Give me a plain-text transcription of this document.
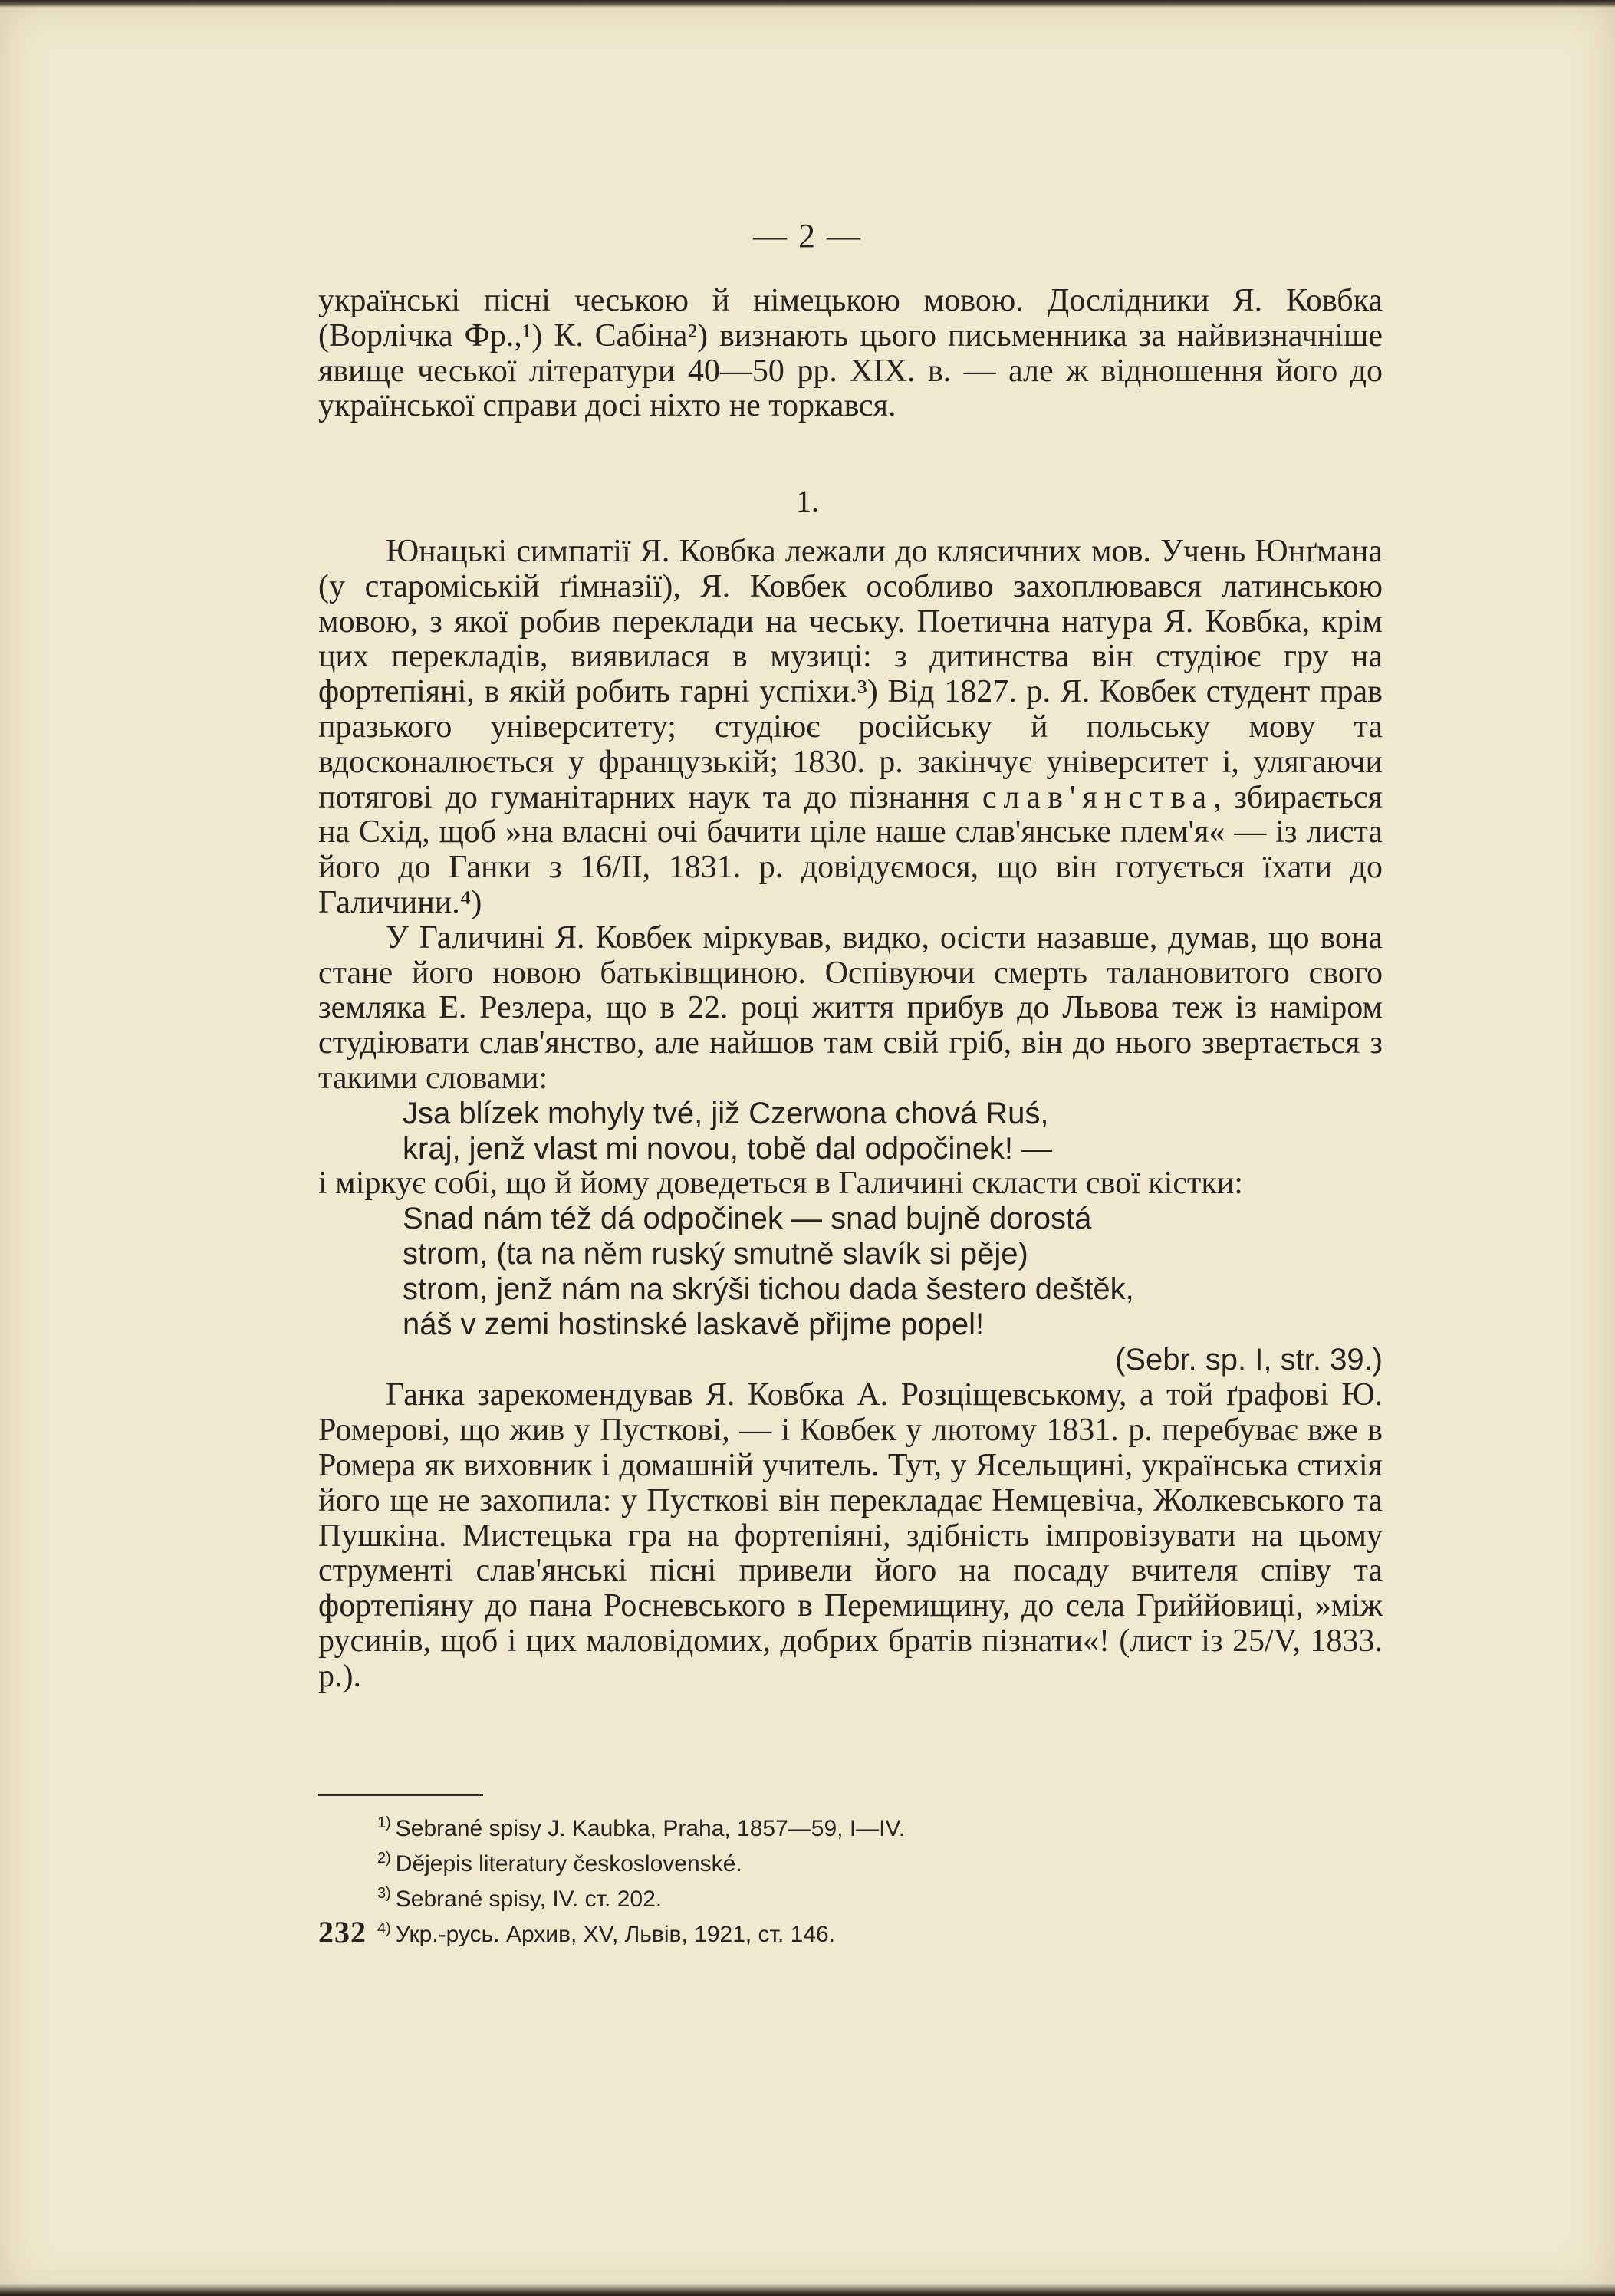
— 2 —

українські пісні чеською й німецькою мовою. Дослідники Я. Ковбка (Ворлічка Фр.,¹) К. Сабіна²) визнають цього письменника за найвизначніше явище чеської літератури 40—50 рр. XIX. в. — але ж відношення його до української справи досі ніхто не торкався.

1.

Юнацькі симпатії Я. Ковбка лежали до клясичних мов. Учень Юнґмана (у староміській ґімназії), Я. Ковбек особливо захоплювався латинською мовою, з якої робив переклади на чеську. Поетична натура Я. Ковбка, крім цих перекладів, виявилася в музиці: з дитинства він студіює гру на фортепіяні, в якій робить гарні успіхи.³) Від 1827. р. Я. Ковбек студент прав празького університету; студіює російську й польську мову та вдосконалюється у французькій; 1830. р. закінчує університет і, улягаючи потягові до гуманітарних наук та до пізнання слав'янства, збирається на Схід, щоб »на власні очі бачити ціле наше слав'янське плем'я« — із листа його до Ганки з 16/II, 1831. р. довідуємося, що він готується їхати до Галичини.⁴)

У Галичині Я. Ковбек міркував, видко, осісти назавше, думав, що вона стане його новою батьківщиною. Оспівуючи смерть талановитого свого земляка Е. Резлера, що в 22. році життя прибув до Львова теж із наміром студіювати слав'янство, але найшов там свій гріб, він до нього звертається з такими словами:

Jsa blízek mohyly tvé, již Czerwona chová Ruś,
kraj, jenž vlast mi novou, tobě dal odpočinek! —

і міркує собі, що й йому доведеться в Галичині скласти свої кістки:

Snad nám též dá odpočinek — snad bujně dorostá
strom, (ta na něm ruský smutně slavík si pěje)
strom, jenž nám na skrýši tichou dada šestero deštěk,
náš v zemi hostinské laskavě přijme popel!

(Sebr. sp. I, str. 39.)

Ганка зарекомендував Я. Ковбка А. Розціщевському, а той ґрафові Ю. Ромерові, що жив у Пусткові, — і Ковбек у лютому 1831. р. перебуває вже в Ромера як виховник і домашній учитель. Тут, у Ясельщині, українська стихія його ще не захопила: у Пусткові він перекладає Немцевіча, Жолкевського та Пушкіна. Мистецька гра на фортепіяні, здібність імпровізувати на цьому струменті слав'янські пісні привели його на посаду вчителя співу та фортепіяну до пана Росневського в Перемищину, до села Гриййовиці, »між русинів, щоб і цих маловідомих, добрих братів пізнати«! (лист із 25/V, 1833. р.).

$^{1)}$ Sebrané spisy J. Kaubka, Praha, 1857—59, I—IV.
$^{2)}$ Dějepis literatury československé.
$^{3)}$ Sebrané spisy, IV. ст. 202.
$^{4)}$ Укр.-русь. Архив, XV, Львів, 1921, ст. 146.
232
